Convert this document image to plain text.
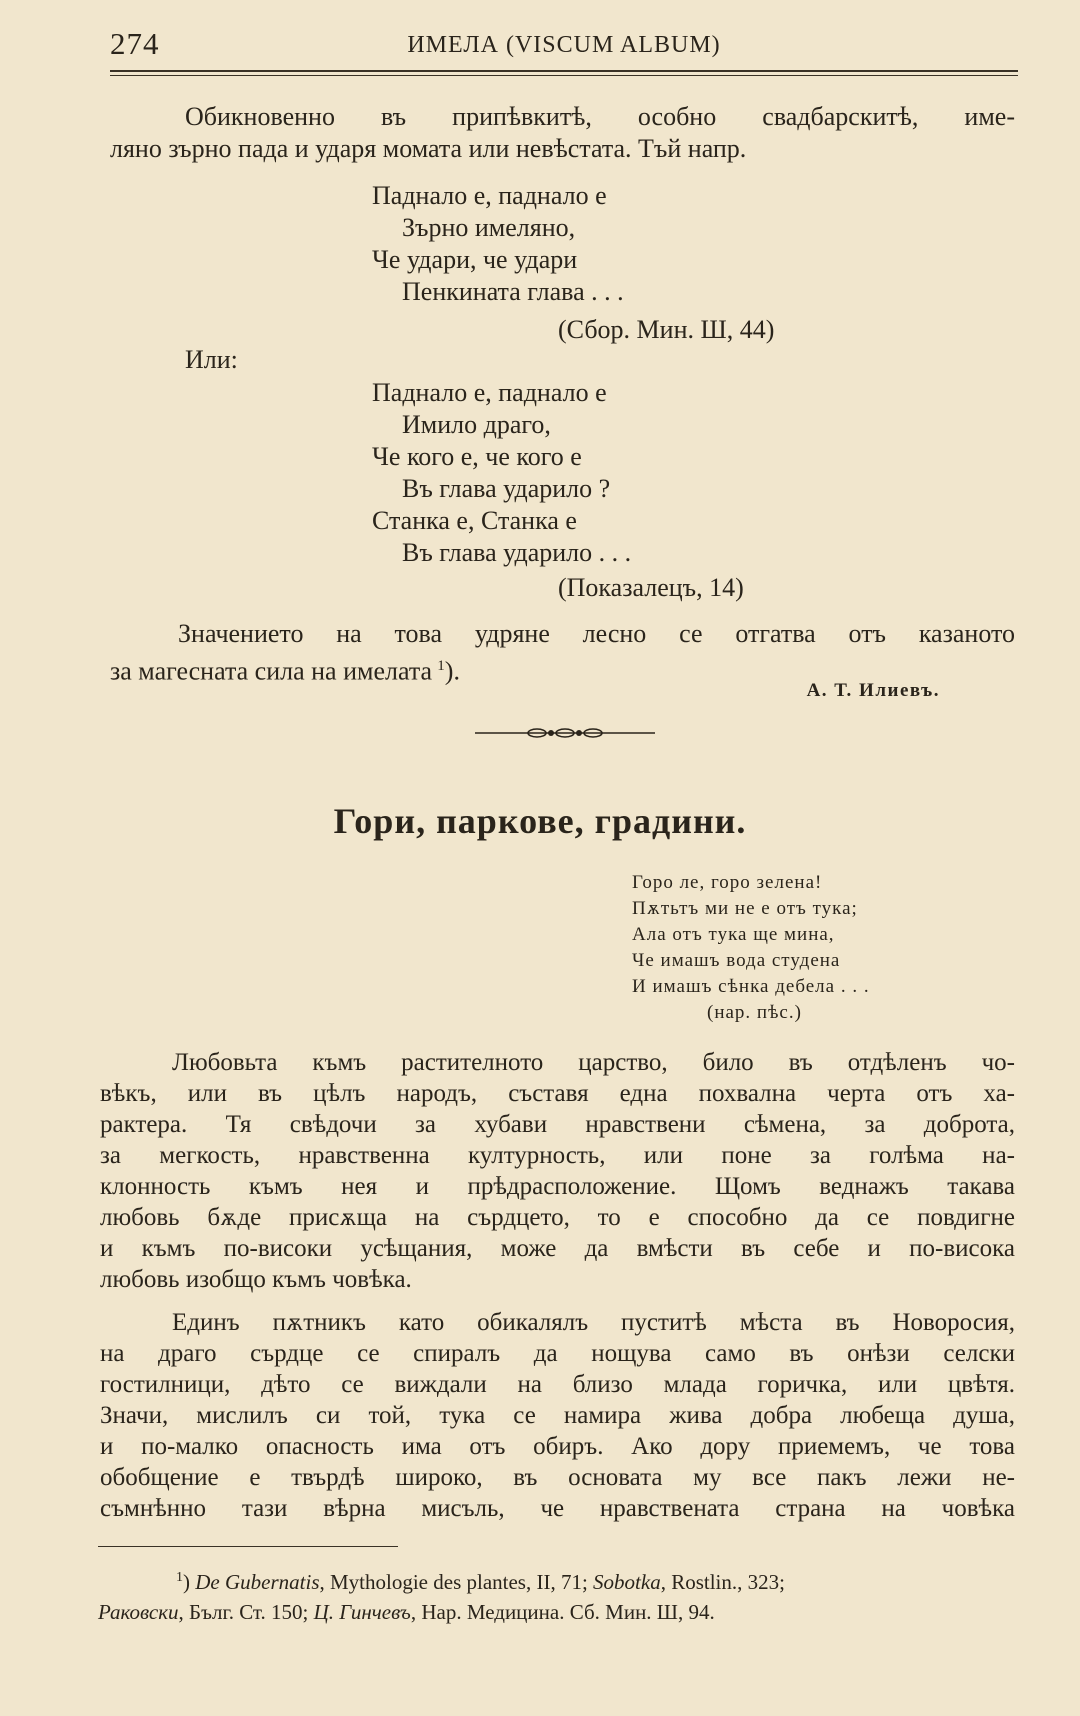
274	ИМЕЛА (VISCUM ALBUM)
Обикновенно въ припѣвкитѣ, особно свадбарскитѣ, име-
ляно зърно пада и ударя момата или невѣстата. Тъй напр.
Паднало е, паднало е
Зърно имеляно,
Че удари, че удари
Пенкината глава . . .
(Сбор. Мин. Ш, 44)
Или:
Паднало е, паднало е
Имило драго,
Че кого е, че кого е
Въ глава ударило ?
Станка е, Станка е
Въ глава ударило . . .
(Показалецъ, 14)
Значението на това удряне лесно се отгатва отъ казаното
за магесната сила на имелата  $^1$).
А. Т. Илиевъ.
Гори, паркове, градини.
Горо ле, горо зелена!
Пѫтьтъ ми не е отъ тука;
Ала отъ тука ще мина,
Че имашъ вода студена
И имашъ сѣнка дебела . . .
(нар. пѣс.)
Любовьта къмъ растителното царство, било въ отдѣленъ чо-
вѣкъ, или въ цѣлъ народъ, съставя една похвална черта отъ ха-
рактера. Тя свѣдочи за хубави нравствени сѣмена, за доброта,
за мегкость, нравственна културность, или поне за голѣма на-
клонность къмъ нея и прѣдрасположение. Щомъ веднажъ такава
любовь бѫде присѫща на сърдцето, то е способно да се повдигне
и къмъ по-високи усѣщания, може да вмѣсти въ себе и по-висока
любовь изобщо къмъ човѣка.
Единъ пѫтникъ като обикалялъ пуститѣ мѣста въ Новоросия,
на драго сърдце се спиралъ да нощува само въ онѣзи селски
гостилници, дѣто се виждали на близо млада горичка, или цвѣтя.
Значи, мислилъ си той, тука се намира жива добра любеща душа,
и по-малко опасность има отъ обиръ. Ако дору приемемъ, че това
обобщение е твърдѣ широко, въ основата му все пакъ лежи не-
съмнѣнно тази вѣрна мисъль, че нравствената страна на човѣка
$^1$) De Gubernatis, Mythologie des plantes, II, 71; Sobotka, Rostlin., 323;
Раковски, Бълг. Ст. 150; Ц. Гинчевъ, Нар. Медицина. Сб. Мин. Ш, 94.
